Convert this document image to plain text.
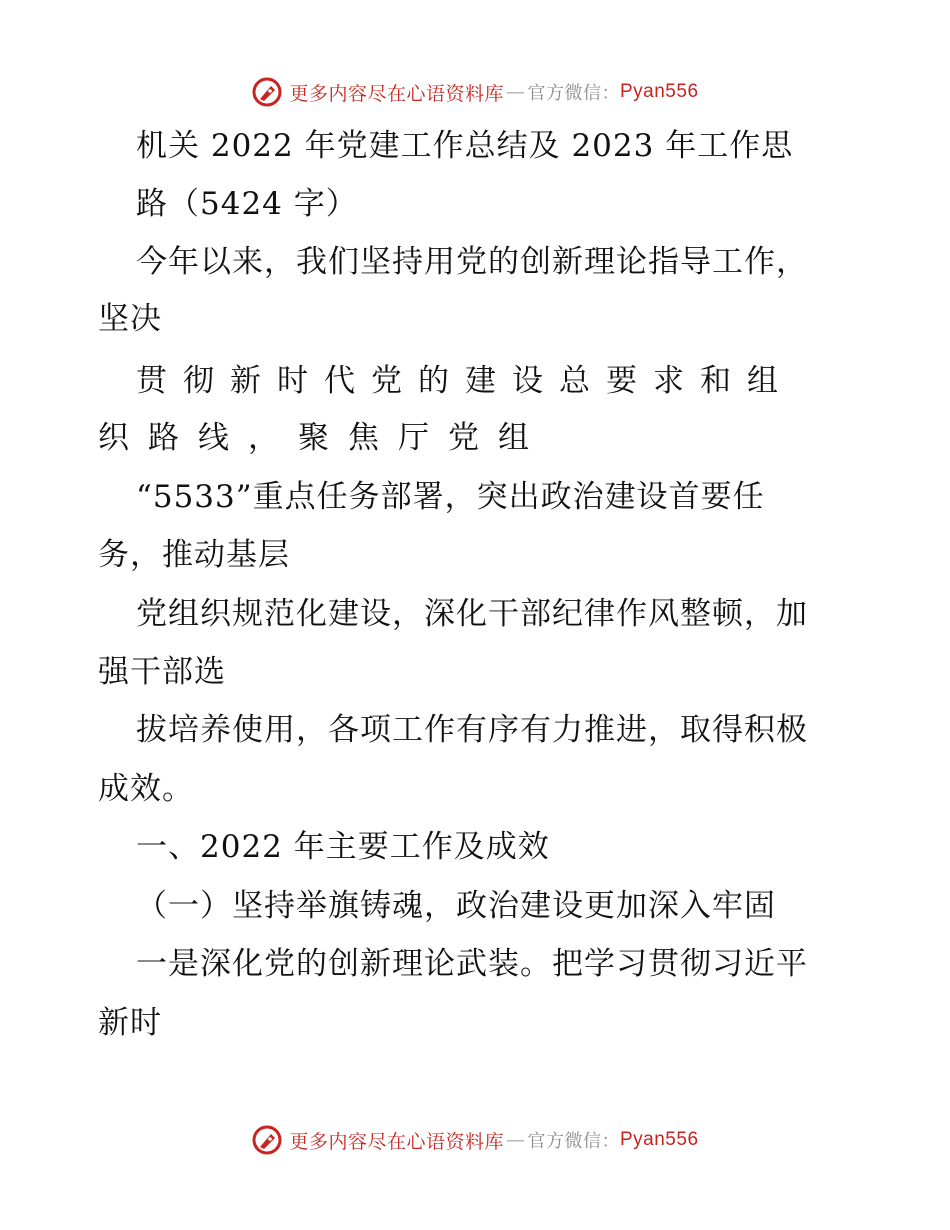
更多内容尽在心语资料库 — 官方微信： Pyan556
机关 2022 年党建工作总结及 2023 年工作思
路（5424 字）
今年以来，我们坚持用党的创新理论指导工作，
坚决
贯彻新时代党的建设总要求和组
织路线，聚焦厅党组
“5533”重点任务部署，突出政治建设首要任
务，推动基层
党组织规范化建设，深化干部纪律作风整顿，加
强干部选
拔培养使用，各项工作有序有力推进，取得积极
成效。
一、2022 年主要工作及成效
（一）坚持举旗铸魂，政治建设更加深入牢固
一是深化党的创新理论武装。把学习贯彻习近平
新时
更多内容尽在心语资料库 — 官方微信： Pyan556
